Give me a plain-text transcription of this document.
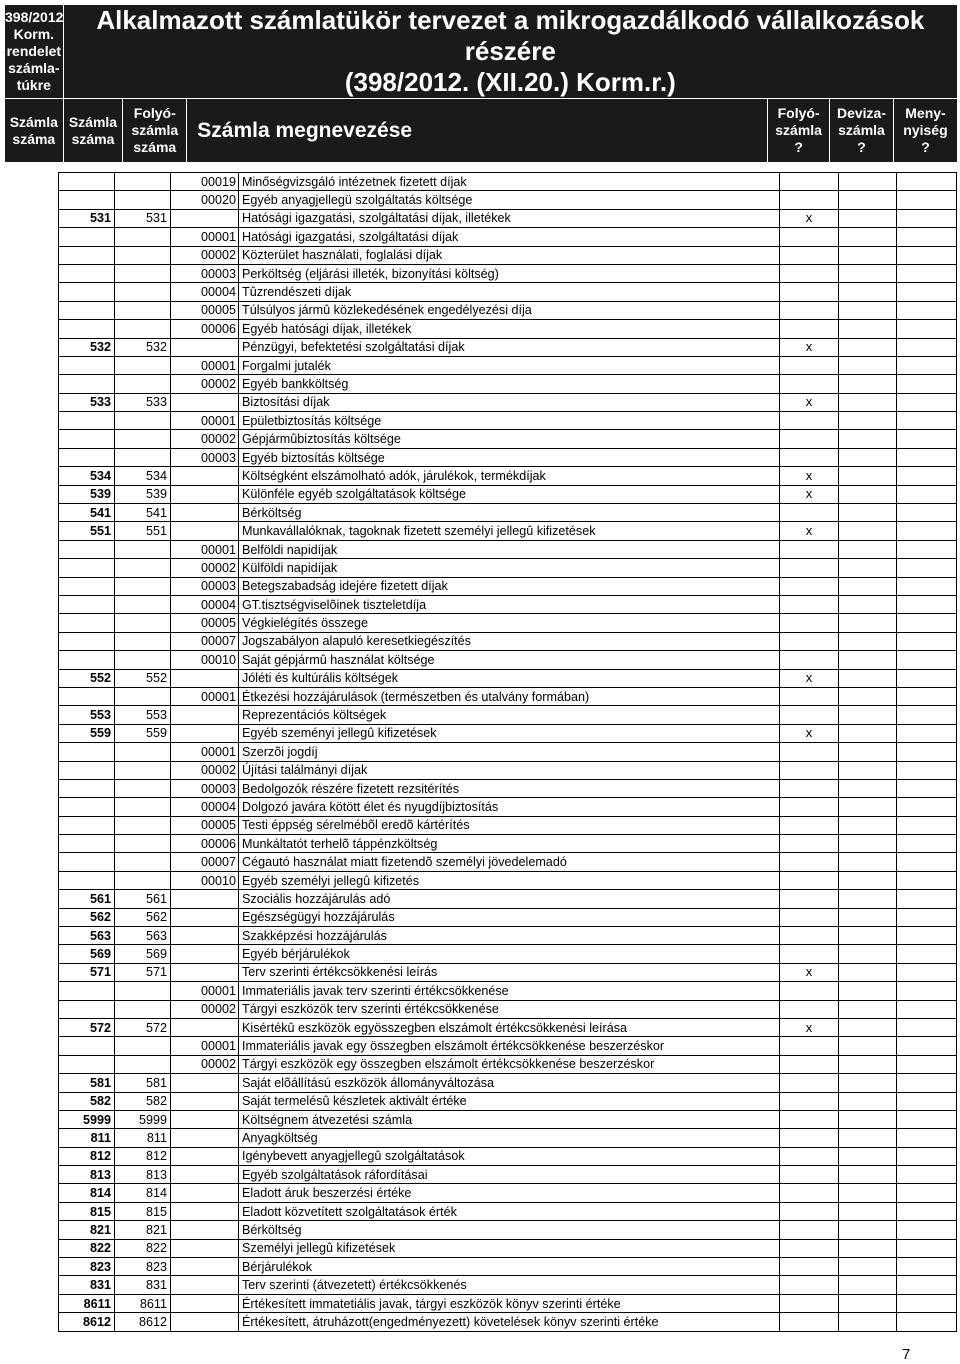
398/2012
Korm.
rendelet
számla-túkre	Alkalmazott számlatükör tervezet a mikrogazdálkodó vállalkozások
részére
(398/2012. (XII.20.) Korm.r.)					
Számla
száma	Számla
száma	Folyó-
számla
száma	Számla megnevezése	Folyó-
számla
?	Deviza-
számla
?	Meny-
nyiség
?
		00019	Minőségvizsgáló intézetnek fizetett díjak			
		00020	Egyéb anyagjellegü szolgáltatás költsége			
531	531		Hatósági igazgatási, szolgáltatási díjak, illetékek	x		
		00001	Hatósági igazgatási, szolgáltatási díjak			
		00002	Közterület használati, foglalási díjak			
		00003	Perköltség (eljárási illeték, bizonyítási költség)			
		00004	Tûzrendészeti díjak			
		00005	Túlsúlyos jármû közlekedésének engedélyezési díja			
		00006	Egyéb hatósági díjak, illetékek			
532	532		Pénzügyi, befektetési szolgáltatási díjak	x		
		00001	Forgalmi jutalék			
		00002	Egyéb bankköltség			
533	533		Biztosítási díjak	x		
		00001	Epületbiztosítás költsége			
		00002	Gépjármûbiztosítás költsége			
		00003	Egyéb biztosítás költsége			
534	534		Költségként elszámolható adók, járulékok, termékdíjak	x		
539	539		Különféle egyéb szolgáltatások költsége	x		
541	541		Bérköltség			
551	551		Munkavállalóknak, tagoknak fizetett személyi jellegû kifizetések	x		
		00001	Belföldi napidíjak			
		00002	Külföldi napidíjak			
		00003	Betegszabadság idejére fizetett díjak			
		00004	GT.tisztségviselõinek tiszteletdíja			
		00005	Végkielégítés összege			
		00007	Jogszabályon alapuló keresetkiegészítés			
		00010	Saját gépjármû használat költsége			
552	552		Jóléti és kultúrális költségek	x		
		00001	Étkezési hozzájárulások (természetben és utalvány formában)			
553	553		Reprezentációs költségek			
559	559		Egyéb szeményi jellegû kifizetések	x		
		00001	Szerzõi jogdíj			
		00002	Újítási találmányi díjak			
		00003	Bedolgozók részére fizetett rezsitérítés			
		00004	Dolgozó javára kötött élet és nyugdíjbiztosítás			
		00005	Testi éppség sérelmébõl eredõ kártérítés			
		00006	Munkáltatót terhelõ táppénzköltség			
		00007	Cégautó használat miatt fizetendõ személyi jövedelemadó			
		00010	Egyéb személyi jellegû kifizetés			
561	561		Szociális hozzájárulás adó			
562	562		Egészségügyi hozzájárulás			
563	563		Szakképzési hozzájárulás			
569	569		Egyéb bérjárulékok			
571	571		Terv szerinti értékcsökkenési leírás	x		
		00001	Immateriális javak terv szerinti értékcsökkenése			
		00002	Tárgyi eszközök terv szerinti értékcsökkenése			
572	572		Kisértékû eszközök egyösszegben elszámolt értékcsökkenési leírása	x		
		00001	Immateriális javak egy összegben elszámolt értékcsökkenése beszerzéskor			
		00002	Tárgyi eszközök egy összegben elszámolt értékcsökkenése beszerzéskor			
581	581		Saját elõállítású eszközök állományváltozása			
582	582		Saját termelésû készletek aktivált értéke			
5999	5999		Költségnem átvezetési számla			
811	811		Anyagköltség			
812	812		Igénybevett anyagjellegû szolgáltatások			
813	813		Egyéb szolgáltatások ráfordításai			
814	814		Eladott áruk beszerzési értéke			
815	815		Eladott közvetített szolgáltatások érték			
821	821		Bérköltség			
822	822		Személyi jellegû kifizetések			
823	823		Bérjárulékok			
831	831		Terv szerinti (átvezetett) értékcsökkenés			
8611	8611		Értékesített immatetiális javak, tárgyi eszközök könyv szerinti értéke			
8612	8612		Értékesített, átruházott(engedményezett) követelések könyv szerinti értéke			
7
